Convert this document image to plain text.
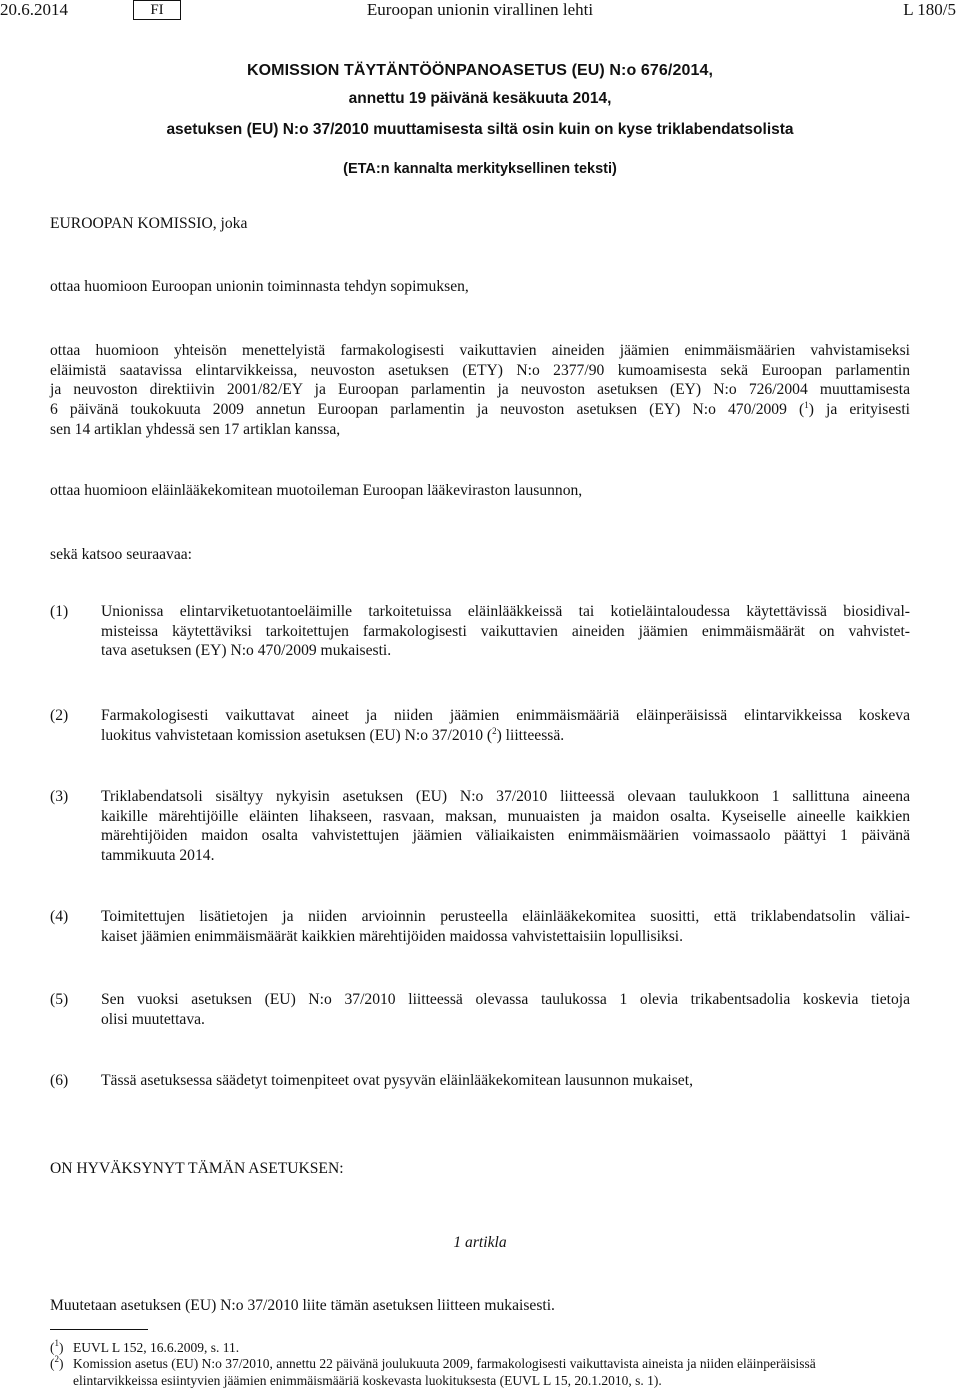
20.6.2014	FI	Euroopan unionin virallinen lehti	L 180/5
KOMISSION TÄYTÄNTÖÖNPANOASETUS (EU) N:o 676/2014,
annettu 19 päivänä kesäkuuta 2014,
asetuksen (EU) N:o 37/2010 muuttamisesta siltä osin kuin on kyse triklabendatsolista
(ETA:n kannalta merkityksellinen teksti)
EUROOPAN KOMISSIO, joka
ottaa huomioon Euroopan unionin toiminnasta tehdyn sopimuksen,
ottaa huomioon yhteisön menettelyistä farmakologisesti vaikuttavien aineiden jäämien enimmäismäärien vahvistamiseksi
eläimistä saatavissa elintarvikkeissa, neuvoston asetuksen (ETY) N:o 2377/90 kumoamisesta sekä Euroopan parlamentin
ja neuvoston direktiivin 2001/82/EY ja Euroopan parlamentin ja neuvoston asetuksen (EY) N:o 726/2004 muuttamisesta
6 päivänä toukokuuta 2009 annetun Euroopan parlamentin ja neuvoston asetuksen (EY) N:o 470/2009 ($^1$) ja erityisesti
sen 14 artiklan yhdessä sen 17 artiklan kanssa,
ottaa huomioon eläinlääkekomitean muotoileman Euroopan lääkeviraston lausunnon,
sekä katsoo seuraavaa:
(1) Unionissa elintarviketuotantoeläimille tarkoitetuissa eläinlääkkeissä tai kotieläintaloudessa käytettävissä biosidival-
misteissa käytettäviksi tarkoitettujen farmakologisesti vaikuttavien aineiden jäämien enimmäismäärät on vahvistet-
tava asetuksen (EY) N:o 470/2009 mukaisesti.
(2) Farmakologisesti vaikuttavat aineet ja niiden jäämien enimmäismääriä eläinperäisissä elintarvikkeissa koskeva
luokitus vahvistetaan komission asetuksen (EU) N:o 37/2010 ($^2$) liitteessä.
(3) Triklabendatsoli sisältyy nykyisin asetuksen (EU) N:o 37/2010 liitteessä olevaan taulukkoon 1 sallittuna aineena
kaikille märehtijöille eläinten lihakseen, rasvaan, maksan, munuaisten ja maidon osalta. Kyseiselle aineelle kaikkien
märehtijöiden maidon osalta vahvistettujen jäämien väliaikaisten enimmäismäärien voimassaolo päättyi 1 päivänä
tammikuuta 2014.
(4) Toimitettujen lisätietojen ja niiden arvioinnin perusteella eläinlääkekomitea suositti, että triklabendatsolin väliai-
kaiset jäämien enimmäismäärät kaikkien märehtijöiden maidossa vahvistettaisiin lopullisiksi.
(5) Sen vuoksi asetuksen (EU) N:o 37/2010 liitteessä olevassa taulukossa 1 olevia trikabentsadolia koskevia tietoja
olisi muutettava.
(6) Tässä asetuksessa säädetyt toimenpiteet ovat pysyvän eläinlääkekomitean lausunnon mukaiset,
ON HYVÄKSYNYT TÄMÄN ASETUKSEN:
1 artikla
Muutetaan asetuksen (EU) N:o 37/2010 liite tämän asetuksen liitteen mukaisesti.
($^1$) EUVL L 152, 16.6.2009, s. 11.
($^2$) Komission asetus (EU) N:o 37/2010, annettu 22 päivänä joulukuuta 2009, farmakologisesti vaikuttavista aineista ja niiden eläinperäisissä
elintarvikkeissa esiintyvien jäämien enimmäismääriä koskevasta luokituksesta (EUVL L 15, 20.1.2010, s. 1).
